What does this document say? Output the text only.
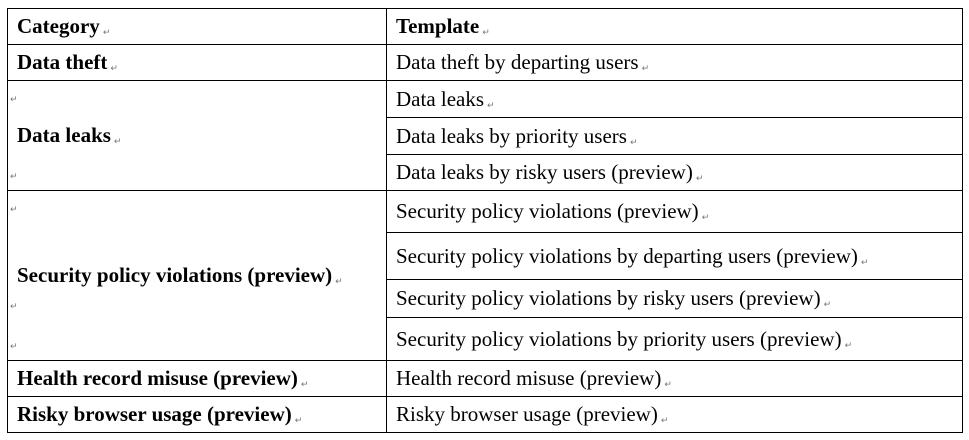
Category ↵	Template ↵
Data theft ↵	Data theft by departing users ↵

↵
Data leaks ↵
↵	Data leaks ↵
	Data leaks by priority users ↵
	Data leaks by risky users (preview) ↵

↵
Security policy violations (preview) ↵
↵
↵	Security policy violations (preview) ↵
	Security policy violations by departing users (preview) ↵
	Security policy violations by risky users (preview) ↵
	Security policy violations by priority users (preview) ↵
Health record misuse (preview) ↵	Health record misuse (preview) ↵
Risky browser usage (preview) ↵	Risky browser usage (preview) ↵
